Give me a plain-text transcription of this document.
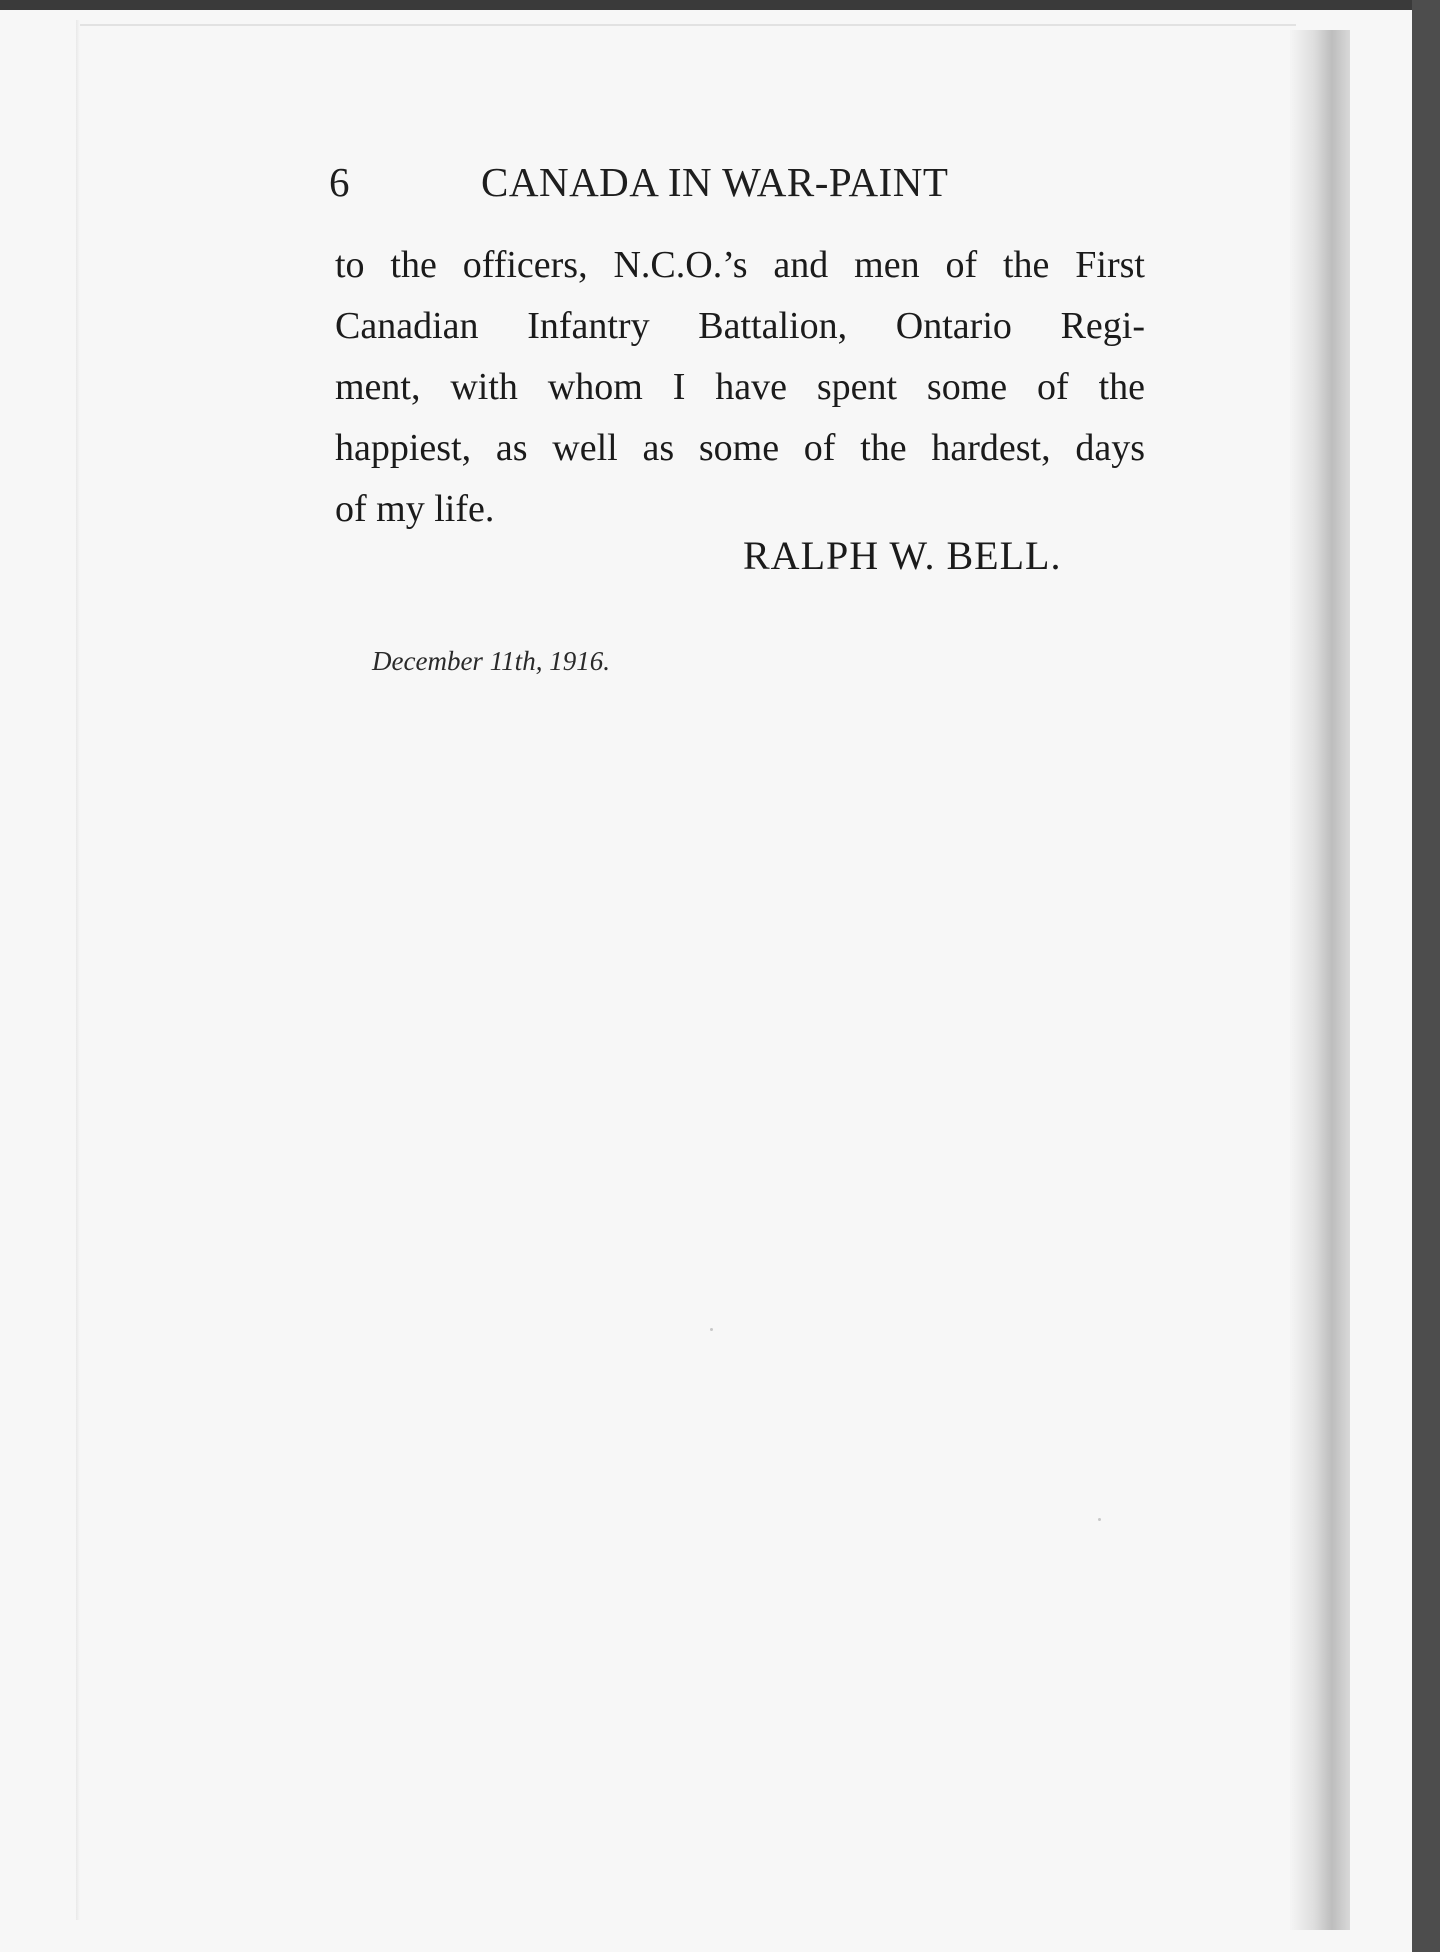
6	CANADA IN WAR-PAINT
to the officers, N.C.O.’s and men of the First
Canadian Infantry Battalion, Ontario Regi-
ment, with whom I have spent some of the
happiest, as well as some of the hardest, days
of my life.
RALPH W. BELL.
December 11th, 1916.
